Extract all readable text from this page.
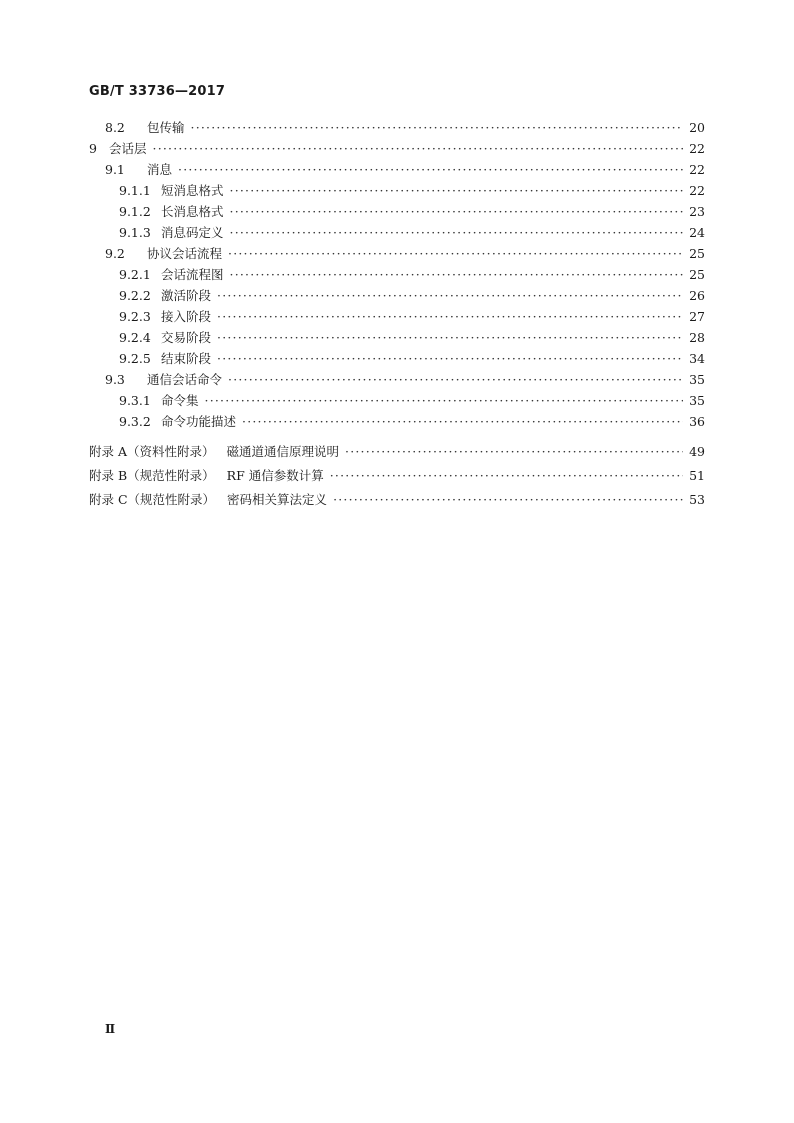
GB/T 33736—2017
8.2	包传输 ·····	20
9 会话层 ·····	22
9.1	消息 ·····	22
9.1.1 短消息格式 ·····	22
9.1.2 长消息格式 ·····	23
9.1.3 消息码定义 ·····	24
9.2	协议会话流程 ·····	25
9.2.1 会话流程图 ·····	25
9.2.2 激活阶段 ·····	26
9.2.3 接入阶段 ·····	27
9.2.4 交易阶段 ·····	28
9.2.5 结束阶段 ·····	34
9.3	通信会话命令 ·····	35
9.3.1 命令集 ·····	35
9.3.2 命令功能描述 ·····	36
附录 A（资料性附录） 磁通道通信原理说明 ·····	49
附录 B（规范性附录） RF 通信参数计算 ·····	51
附录 C（规范性附录） 密码相关算法定义 ·····	53
Ⅱ
